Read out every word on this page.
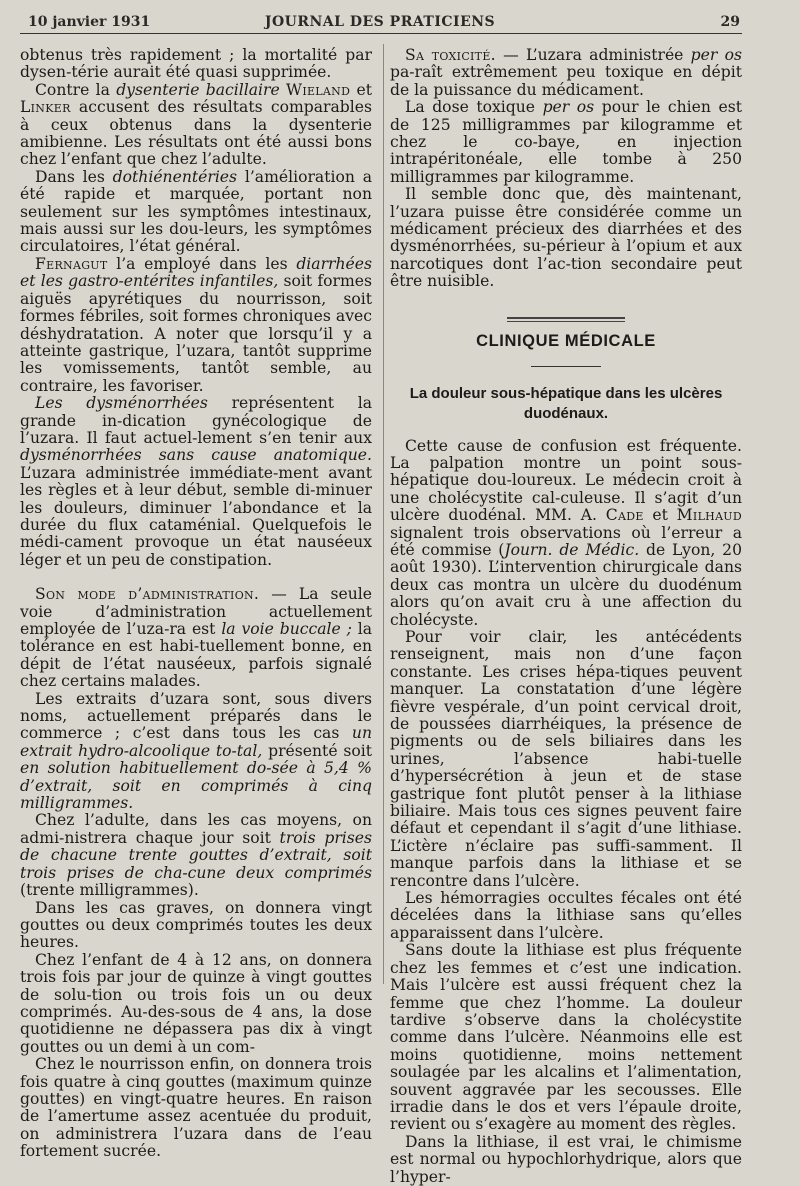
10 janvier 1931	JOURNAL DES PRATICIENS	29

obtenus très rapidement ; la mortalité par dysen-térie aurait été quasi supprimée.

Contre la dysenterie bacillaire Wieland et Linker accusent des résultats comparables à ceux obtenus dans la dysenterie amibienne. Les résultats ont été aussi bons chez l’enfant que chez l’adulte.

Dans les dothiénentéries l’amélioration a été rapide et marquée, portant non seulement sur les symptômes intestinaux, mais aussi sur les dou-leurs, les symptômes circulatoires, l’état général.

Fernagut l’a employé dans les diarrhées et les gastro-entérites infantiles, soit formes aiguës apyrétiques du nourrisson, soit formes fébriles, soit formes chroniques avec déshydratation. A noter que lorsqu’il y a atteinte gastrique, l’uzara, tantôt supprime les vomissements, tantôt semble, au contraire, les favoriser.

Les dysménorrhées représentent la grande in-dication gynécologique de l’uzara. Il faut actuel-lement s’en tenir aux dysménorrhées sans cause anatomique. L’uzara administrée immédiate-ment avant les règles et à leur début, semble di-minuer les douleurs, diminuer l’abondance et la durée du flux cataménial. Quelquefois le médi-cament provoque un état nauséeux léger et un peu de constipation.

Son mode d’administration. — La seule voie d’administration actuellement employée de l’uza-ra est la voie buccale ; la tolérance en est habi-tuellement bonne, en dépit de l’état nauséeux, parfois signalé chez certains malades.

Les extraits d’uzara sont, sous divers noms, actuellement préparés dans le commerce ; c’est dans tous les cas un extrait hydro-alcoolique to-tal, présenté soit en solution habituellement do-sée à 5,4 % d’extrait, soit en comprimés à cinq milligrammes.

Chez l’adulte, dans les cas moyens, on admi-nistrera chaque jour soit trois prises de chacune trente gouttes d’extrait, soit trois prises de cha-cune deux comprimés (trente milligrammes).

Dans les cas graves, on donnera vingt gouttes ou deux comprimés toutes les deux heures.

Chez l’enfant de 4 à 12 ans, on donnera trois fois par jour de quinze à vingt gouttes de solu-tion ou trois fois un ou deux comprimés. Au-des-sous de 4 ans, la dose quotidienne ne dépassera pas dix à vingt gouttes ou un demi à un com-

Chez le nourrisson enfin, on donnera trois fois quatre à cinq gouttes (maximum quinze gouttes) en vingt-quatre heures. En raison de l’amertume assez acentuée du produit, on administrera l’uzara dans de l’eau fortement sucrée.

Sa toxicité. — L’uzara administrée per os pa-raît extrêmement peu toxique en dépit de la puissance du médicament.

La dose toxique per os pour le chien est de 125 milligrammes par kilogramme et chez le co-baye, en injection intrapéritonéale, elle tombe à 250 milligrammes par kilogramme.

Il semble donc que, dès maintenant, l’uzara puisse être considérée comme un médicament précieux des diarrhées et des dysménorrhées, su-périeur à l’opium et aux narcotiques dont l’ac-tion secondaire peut être nuisible.

CLINIQUE MÉDICALE
La douleur sous-hépatique dans les ulcères
duodénaux.

Cette cause de confusion est fréquente. La palpation montre un point sous-hépatique dou-loureux. Le médecin croit à une cholécystite cal-culeuse. Il s’agit d’un ulcère duodénal. MM. A. Cade et Milhaud signalent trois observations où l’erreur a été commise (Journ. de Médic. de Lyon, 20 août 1930). L’intervention chirurgicale dans deux cas montra un ulcère du duodénum alors qu’on avait cru à une affection du cholécyste.

Pour voir clair, les antécédents renseignent, mais non d’une façon constante. Les crises hépa-tiques peuvent manquer. La constatation d’une légère fièvre vespérale, d’un point cervical droit, de poussées diarrhéiques, la présence de pigments ou de sels biliaires dans les urines, l’absence habi-tuelle d’hypersécrétion à jeun et de stase gastrique font plutôt penser à la lithiase biliaire. Mais tous ces signes peuvent faire défaut et cependant il s’agit d’une lithiase. L’ictère n’éclaire pas suffi-samment. Il manque parfois dans la lithiase et se rencontre dans l’ulcère.

Les hémorragies occultes fécales ont été décelées dans la lithiase sans qu’elles apparaissent dans l’ulcère.

Sans doute la lithiase est plus fréquente chez les femmes et c’est une indication. Mais l’ulcère est aussi fréquent chez la femme que chez l’homme. La douleur tardive s’observe dans la cholécystite comme dans l’ulcère. Néanmoins elle est moins quotidienne, moins nettement soulagée par les alcalins et l’alimentation, souvent aggravée par les secousses. Elle irradie dans le dos et vers l’épaule droite, revient ou s’exagère au moment des règles.

Dans la lithiase, il est vrai, le chimisme est normal ou hypochlorhydrique, alors que l’hyper-
